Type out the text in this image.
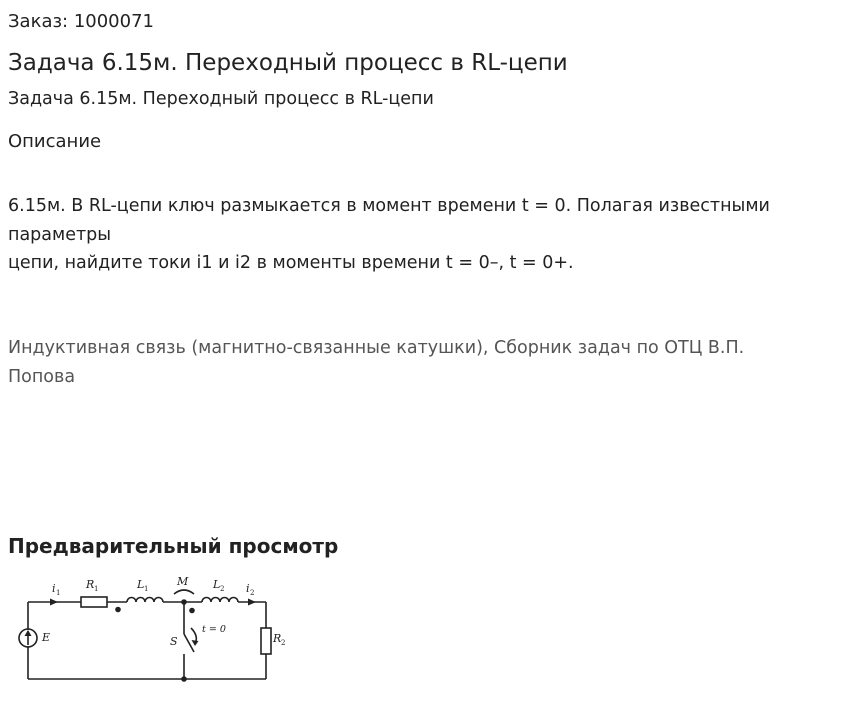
Заказ: 1000071
Задача 6.15м. Переходный процесс в RL-цепи
Задача 6.15м. Переходный процесс в RL-цепи
Описание
6.15м. В RL-цепи ключ размыкается в момент времени t = 0. Полагая известными
параметры
цепи, найдите токи i1 и i2 в моменты времени t = 0–, t = 0+.
Индуктивная связь (магнитно-связанные катушки), Сборник задач по ОТЦ В.П.
Попова
Предварительный просмотр
i 1
R 1	L 1
M L 2 i 2
E	S
t = 0
R 2
